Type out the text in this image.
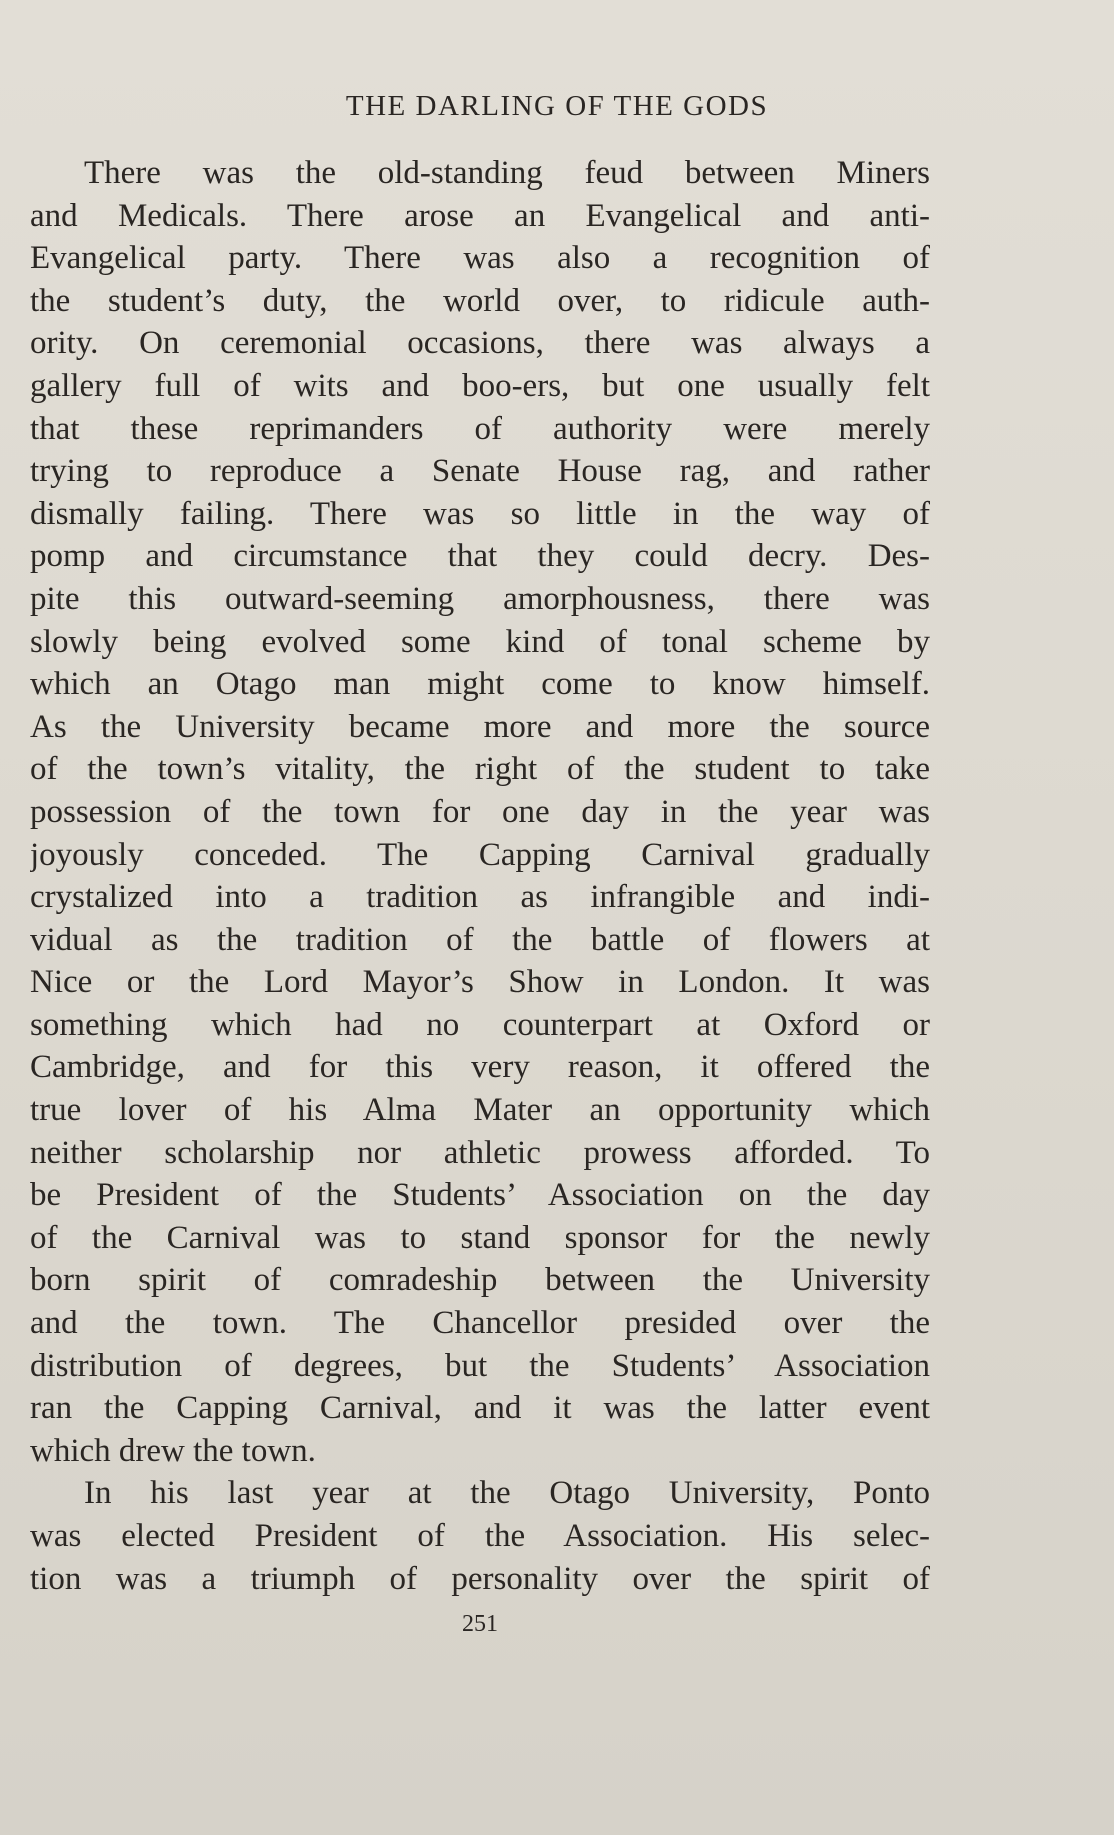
THE DARLING OF THE GODS
There was the old-standing feud between Miners
and Medicals. There arose an Evangelical and anti-
Evangelical party. There was also a recognition of
the student’s duty, the world over, to ridicule auth-
ority. On ceremonial occasions, there was always a
gallery full of wits and boo-ers, but one usually felt
that these reprimanders of authority were merely
trying to reproduce a Senate House rag, and rather
dismally failing. There was so little in the way of
pomp and circumstance that they could decry. Des-
pite this outward-seeming amorphousness, there was
slowly being evolved some kind of tonal scheme by
which an Otago man might come to know himself.
As the University became more and more the source
of the town’s vitality, the right of the student to take
possession of the town for one day in the year was
joyously conceded. The Capping Carnival gradually
crystalized into a tradition as infrangible and indi-
vidual as the tradition of the battle of flowers at
Nice or the Lord Mayor’s Show in London. It was
something which had no counterpart at Oxford or
Cambridge, and for this very reason, it offered the
true lover of his Alma Mater an opportunity which
neither scholarship nor athletic prowess afforded. To
be President of the Students’ Association on the day
of the Carnival was to stand sponsor for the newly
born spirit of comradeship between the University
and the town. The Chancellor presided over the
distribution of degrees, but the Students’ Association
ran the Capping Carnival, and it was the latter event
which drew the town.
In his last year at the Otago University, Ponto
was elected President of the Association. His selec-
tion was a triumph of personality over the spirit of
251
